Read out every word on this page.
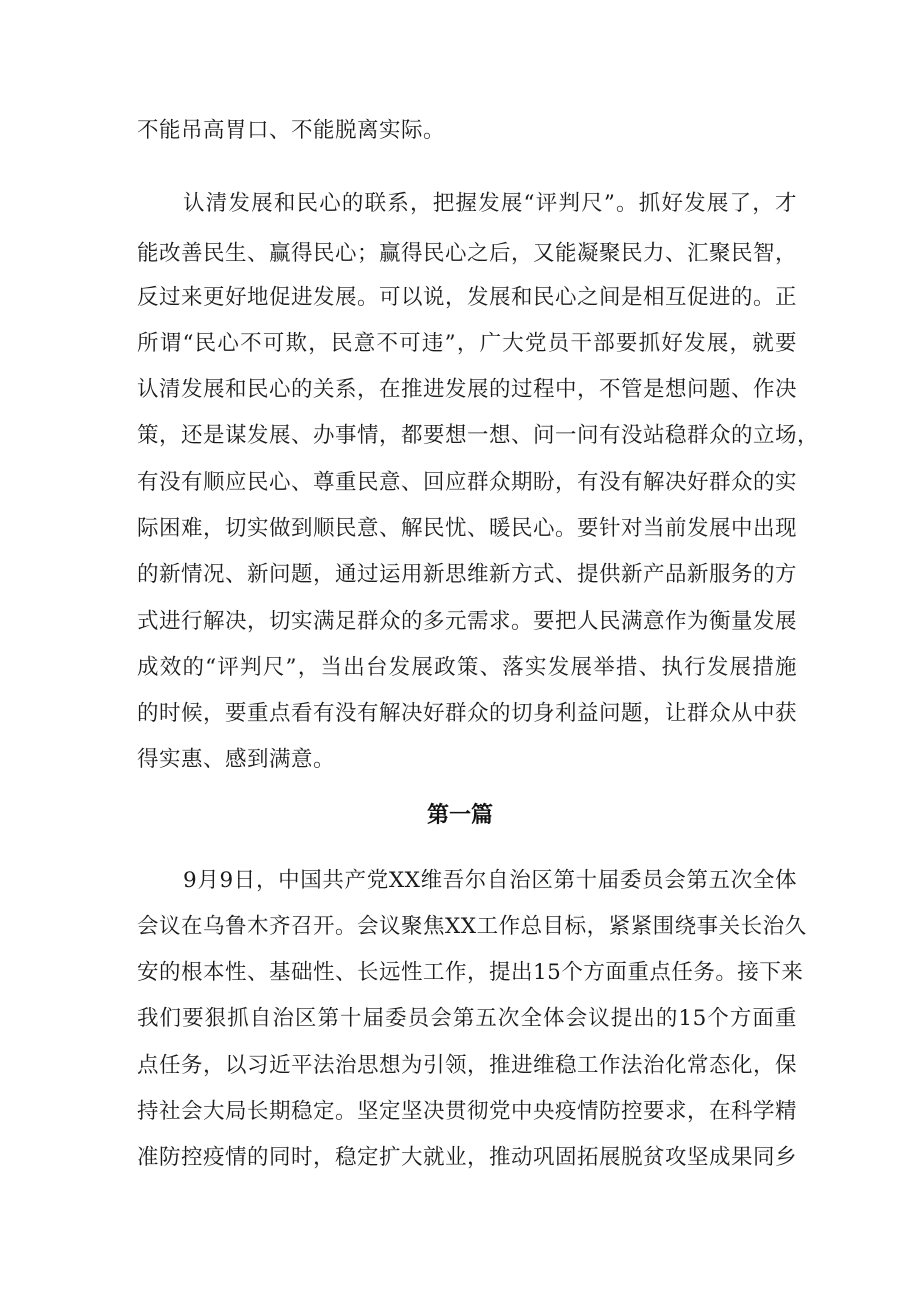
不能吊高胃口、不能脱离实际。
认清发展和民心的联系，把握发展“评判尺”。抓好发展了，才
能改善民生、赢得民心；赢得民心之后，又能凝聚民力、汇聚民智，
反过来更好地促进发展。可以说，发展和民心之间是相互促进的。正
所谓“民心不可欺，民意不可违”，广大党员干部要抓好发展，就要
认清发展和民心的关系，在推进发展的过程中，不管是想问题、作决
策，还是谋发展、办事情，都要想一想、问一问有没站稳群众的立场，
有没有顺应民心、尊重民意、回应群众期盼，有没有解决好群众的实
际困难，切实做到顺民意、解民忧、暖民心。要针对当前发展中出现
的新情况、新问题，通过运用新思维新方式、提供新产品新服务的方
式进行解决，切实满足群众的多元需求。要把人民满意作为衡量发展
成效的“评判尺”，当出台发展政策、落实发展举措、执行发展措施
的时候，要重点看有没有解决好群众的切身利益问题，让群众从中获
得实惠、感到满意。
第一篇
9月9日，中国共产党XX维吾尔自治区第十届委员会第五次全体
会议在乌鲁木齐召开。会议聚焦XX工作总目标，紧紧围绕事关长治久
安的根本性、基础性、长远性工作，提出15个方面重点任务。接下来
我们要狠抓自治区第十届委员会第五次全体会议提出的15个方面重
点任务，以习近平法治思想为引领，推进维稳工作法治化常态化，保
持社会大局长期稳定。坚定坚决贯彻党中央疫情防控要求，在科学精
准防控疫情的同时，稳定扩大就业，推动巩固拓展脱贫攻坚成果同乡
